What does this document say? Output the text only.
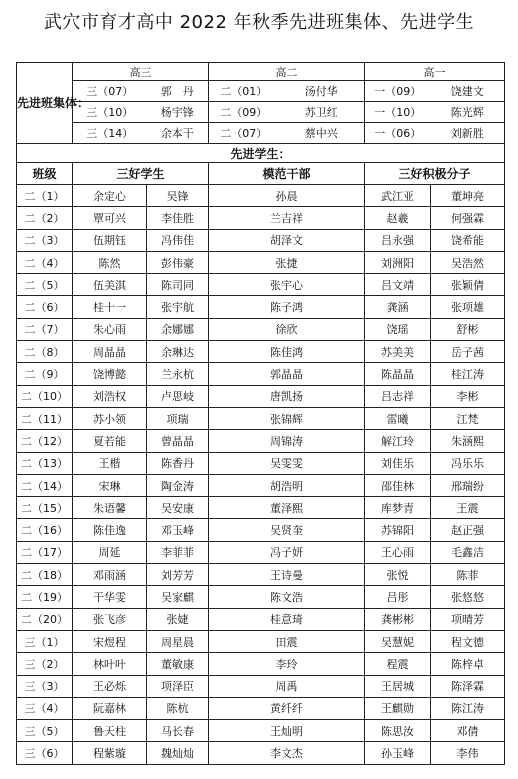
武穴市育才高中 2022 年秋季先进班集体、先进学生
先进班集体：	高三		高二		高一	
	三（07）	郭　丹	二（01）	汤付华	一（09）	饶建文
	三（10）	杨宇锋	二（09）	苏卫红	一（10）	陈光辉
	三（14）	余本干	二（07）	蔡中兴	一（06）	刘新胜
先进学生：						
班级	三好学生		模范干部		三好积极分子	
二（1）	余定心	吴锋	孙晨		武江亚	董坤亮
二（2）	覃可兴	李佳胜	兰吉祥		赵羲	何强霖
二（3）	伍期钰	冯伟佳	胡泽文		吕永强	饶希能
二（4）	陈然	彭伟豪	张捷		刘洲阳	吴浩然
二（5）	伍美淇	陈司同	张宇心		吕文靖	张颖倩
二（6）	桂十一	张宇航	陈子鸿		龚涵	张项雄
二（7）	朱心雨	余娜娜	徐欣		饶瑶	舒彬
二（8）	周晶晶	余琳达	陈佳鸿		苏美美	岳子茜
二（9）	饶博懿	兰永杭	郭晶晶		陈晶晶	桂江涛
二（10）	刘浩权	卢思岐	唐凯扬		吕志祥	李彬
二（11）	苏小领	项瑞	张锦辉		雷曦	江梵
二（12）	夏若能	曾晶晶	周锦涛		解江玲	朱涵熙
二（13）	王楷	陈香丹	吴雯雯		刘佳乐	冯乐乐
二（14）	宋琳	陶金涛	胡浩明		邵佳林	邢瑞纷
二（15）	朱语馨	吴安康	董泽熙		库梦青	王震
二（16）	陈佳逸	邓玉峰	吴贤奎		苏锦阳	赵正强
二（17）	周延	李菲菲	冯子妍		王心雨	毛鑫洁
二（18）	邓雨涵	刘芳芳	王诗曼		张悦	陈菲
二（19）	干华雯	吴家麒	陈文浩		吕彤	张悠悠
二（20）	张飞彦	张婕	桂意琦		龚彬彬	项晴芳
三（1）	宋煜程	周星晨	田震		吴慧妮	程文德
三（2）	林叶叶	董敏康	李玲		程震	陈梓卓
三（3）	王必烁	项泽臣	周禹		王居城	陈泽霖
三（4）	阮嘉林	陈杭	黄纤纤		王麒勋	陈江涛
三（5）	鲁天柱	马长春	王灿明		陈思汝	邓倩
三（6）	程紫璇	魏灿灿	李文杰		孙玉峰	李伟
